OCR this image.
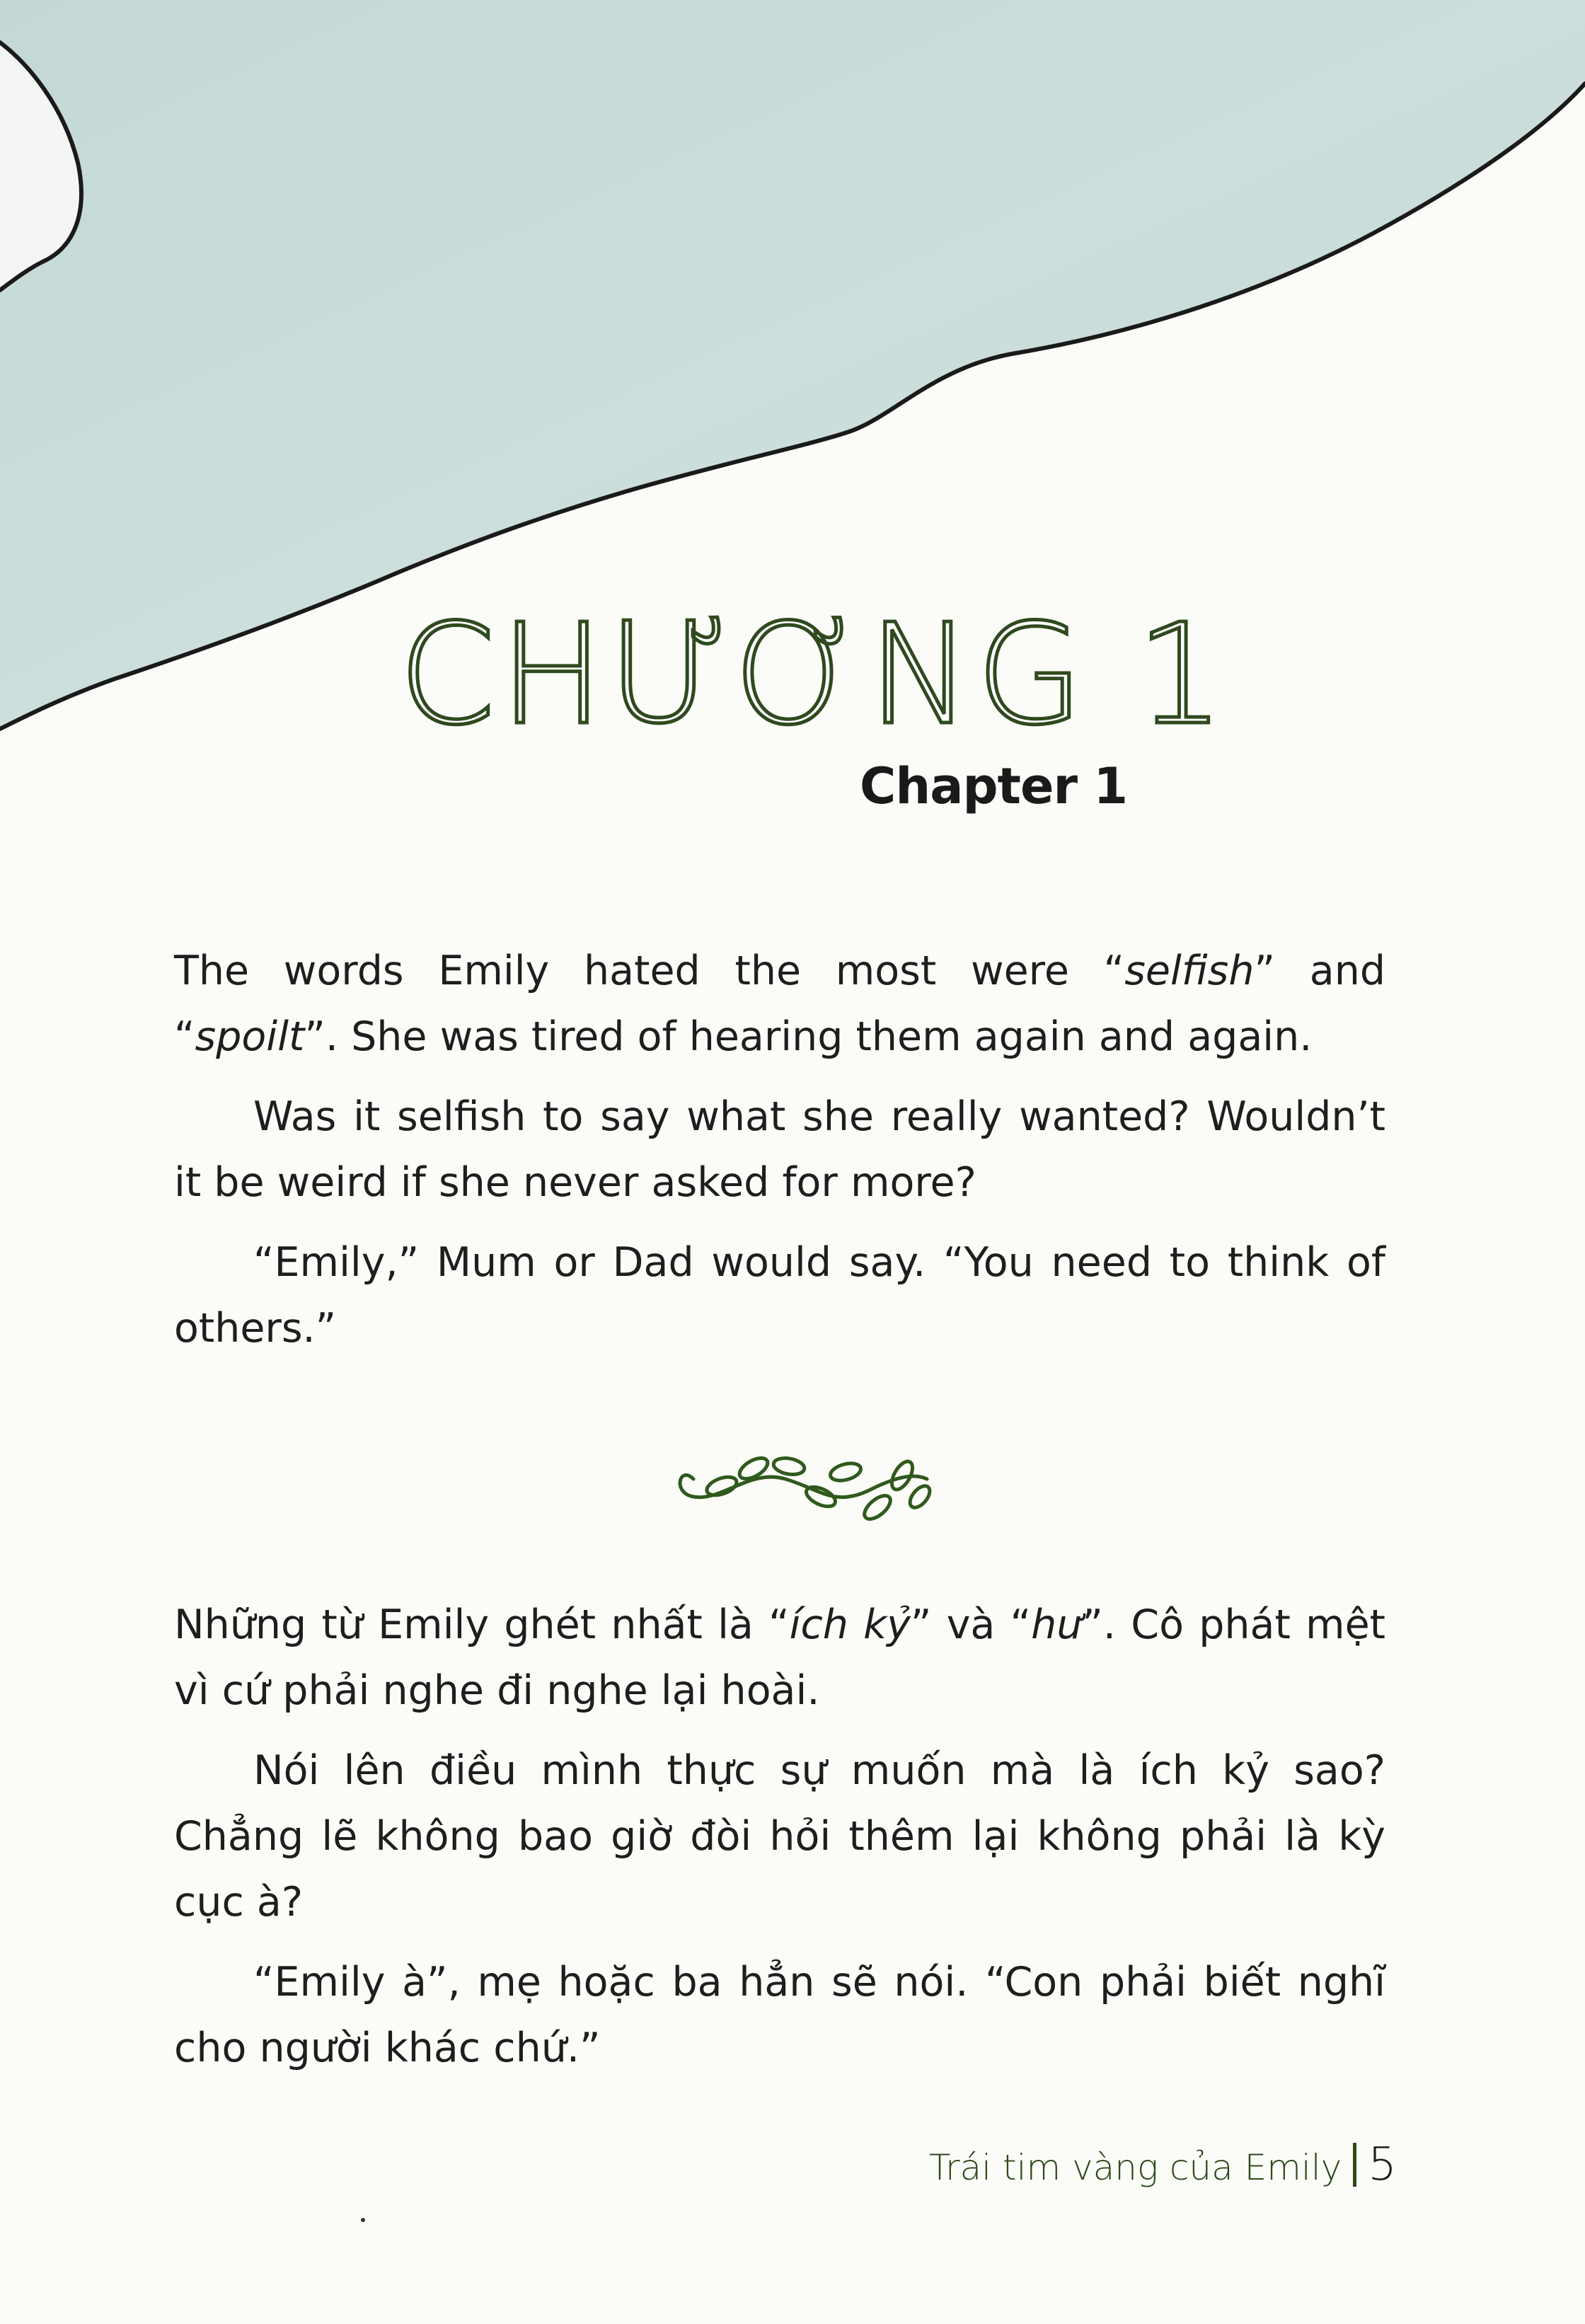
CHƯƠNG 1
Chapter 1

The words Emily hated the most were “selfish” and “spoilt”. She was tired of hearing them again and again.

Was it selfish to say what she really wanted? Wouldn’t it be weird if she never asked for more?

“Emily,” Mum or Dad would say. “You need to think of others.”

Những từ Emily ghét nhất là “ích kỷ” và “hư”. Cô phát mệt vì cứ phải nghe đi nghe lại hoài.

Nói lên điều mình thực sự muốn mà là ích kỷ sao? Chẳng lẽ không bao giờ đòi hỏi thêm lại không phải là kỳ cục à?

“Emily à”, mẹ hoặc ba hẳn sẽ nói. “Con phải biết nghĩ cho người khác chứ.”

Trái tim vàng của Emily 5
